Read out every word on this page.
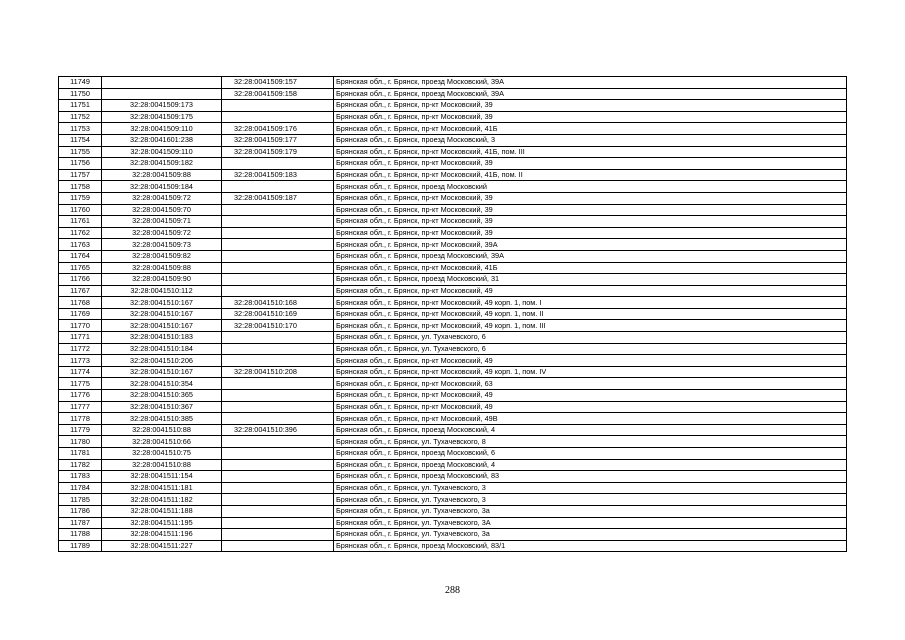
11749		32:28:0041509:157	Брянская обл., г. Брянск, проезд Московский, 39А
11750		32:28:0041509:158	Брянская обл., г. Брянск, проезд Московский, 39А
11751	32:28:0041509:173		Брянская обл., г. Брянск, пр-кт Московский, 39
11752	32:28:0041509:175		Брянская обл., г. Брянск, пр-кт Московский, 39
11753	32:28:0041509:110	32:28:0041509:176	Брянская обл., г. Брянск, пр-кт Московский, 41Б
11754	32:28:0041601:238	32:28:0041509:177	Брянская обл., г. Брянск, проезд Московский, 3
11755	32:28:0041509:110	32:28:0041509:179	Брянская обл., г. Брянск, пр-кт Московский, 41Б, пом. III
11756	32:28:0041509:182		Брянская обл., г. Брянск, пр-кт Московский, 39
11757	32:28:0041509:88	32:28:0041509:183	Брянская обл., г. Брянск, пр-кт Московский, 41Б, пом. II
11758	32:28:0041509:184		Брянская обл., г. Брянск, проезд Московский
11759	32:28:0041509:72	32:28:0041509:187	Брянская обл., г. Брянск, пр-кт Московский, 39
11760	32:28:0041509:70		Брянская обл., г. Брянск, пр-кт Московский, 39
11761	32:28:0041509:71		Брянская обл., г. Брянск, пр-кт Московский, 39
11762	32:28:0041509:72		Брянская обл., г. Брянск, пр-кт Московский, 39
11763	32:28:0041509:73		Брянская обл., г. Брянск, пр-кт Московский, 39А
11764	32:28:0041509:82		Брянская обл., г. Брянск, проезд Московский, 39А
11765	32:28:0041509:88		Брянская обл., г. Брянск, пр-кт Московский, 41Б
11766	32:28:0041509:90		Брянская обл., г. Брянск, проезд Московский, 31
11767	32:28:0041510:112		Брянская обл., г. Брянск, пр-кт Московский, 49
11768	32:28:0041510:167	32:28:0041510:168	Брянская обл., г. Брянск, пр-кт Московский, 49 корп. 1, пом. I
11769	32:28:0041510:167	32:28:0041510:169	Брянская обл., г. Брянск, пр-кт Московский, 49 корп. 1, пом. II
11770	32:28:0041510:167	32:28:0041510:170	Брянская обл., г. Брянск, пр-кт Московский, 49 корп. 1, пом. III
11771	32:28:0041510:183		Брянская обл., г. Брянск, ул. Тухачевского, 6
11772	32:28:0041510:184		Брянская обл., г. Брянск, ул. Тухачевского, 6
11773	32:28:0041510:206		Брянская обл., г. Брянск, пр-кт Московский, 49
11774	32:28:0041510:167	32:28:0041510:208	Брянская обл., г. Брянск, пр-кт Московский, 49 корп. 1, пом. IV
11775	32:28:0041510:354		Брянская обл., г. Брянск, пр-кт Московский, 63
11776	32:28:0041510:365		Брянская обл., г. Брянск, пр-кт Московский, 49
11777	32:28:0041510:367		Брянская обл., г. Брянск, пр-кт Московский, 49
11778	32:28:0041510:385		Брянская обл., г. Брянск, пр-кт Московский, 49В
11779	32:28:0041510:88	32:28:0041510:396	Брянская обл., г. Брянск, проезд Московский, 4
11780	32:28:0041510:66		Брянская обл., г. Брянск, ул. Тухачевского, 8
11781	32:28:0041510:75		Брянская обл., г. Брянск, проезд Московский, 6
11782	32:28:0041510:88		Брянская обл., г. Брянск, проезд Московский, 4
11783	32:28:0041511:154		Брянская обл., г. Брянск, проезд Московский, 83
11784	32:28:0041511:181		Брянская обл., г. Брянск, ул. Тухачевского, 3
11785	32:28:0041511:182		Брянская обл., г. Брянск, ул. Тухачевского, 3
11786	32:28:0041511:188		Брянская обл., г. Брянск, ул. Тухачевского, 3а
11787	32:28:0041511:195		Брянская обл., г. Брянск, ул. Тухачевского, 3А
11788	32:28:0041511:196		Брянская обл., г. Брянск, ул. Тухачевского, 3а
11789	32:28:0041511:227		Брянская обл., г. Брянск, проезд Московский, 83/1
288
